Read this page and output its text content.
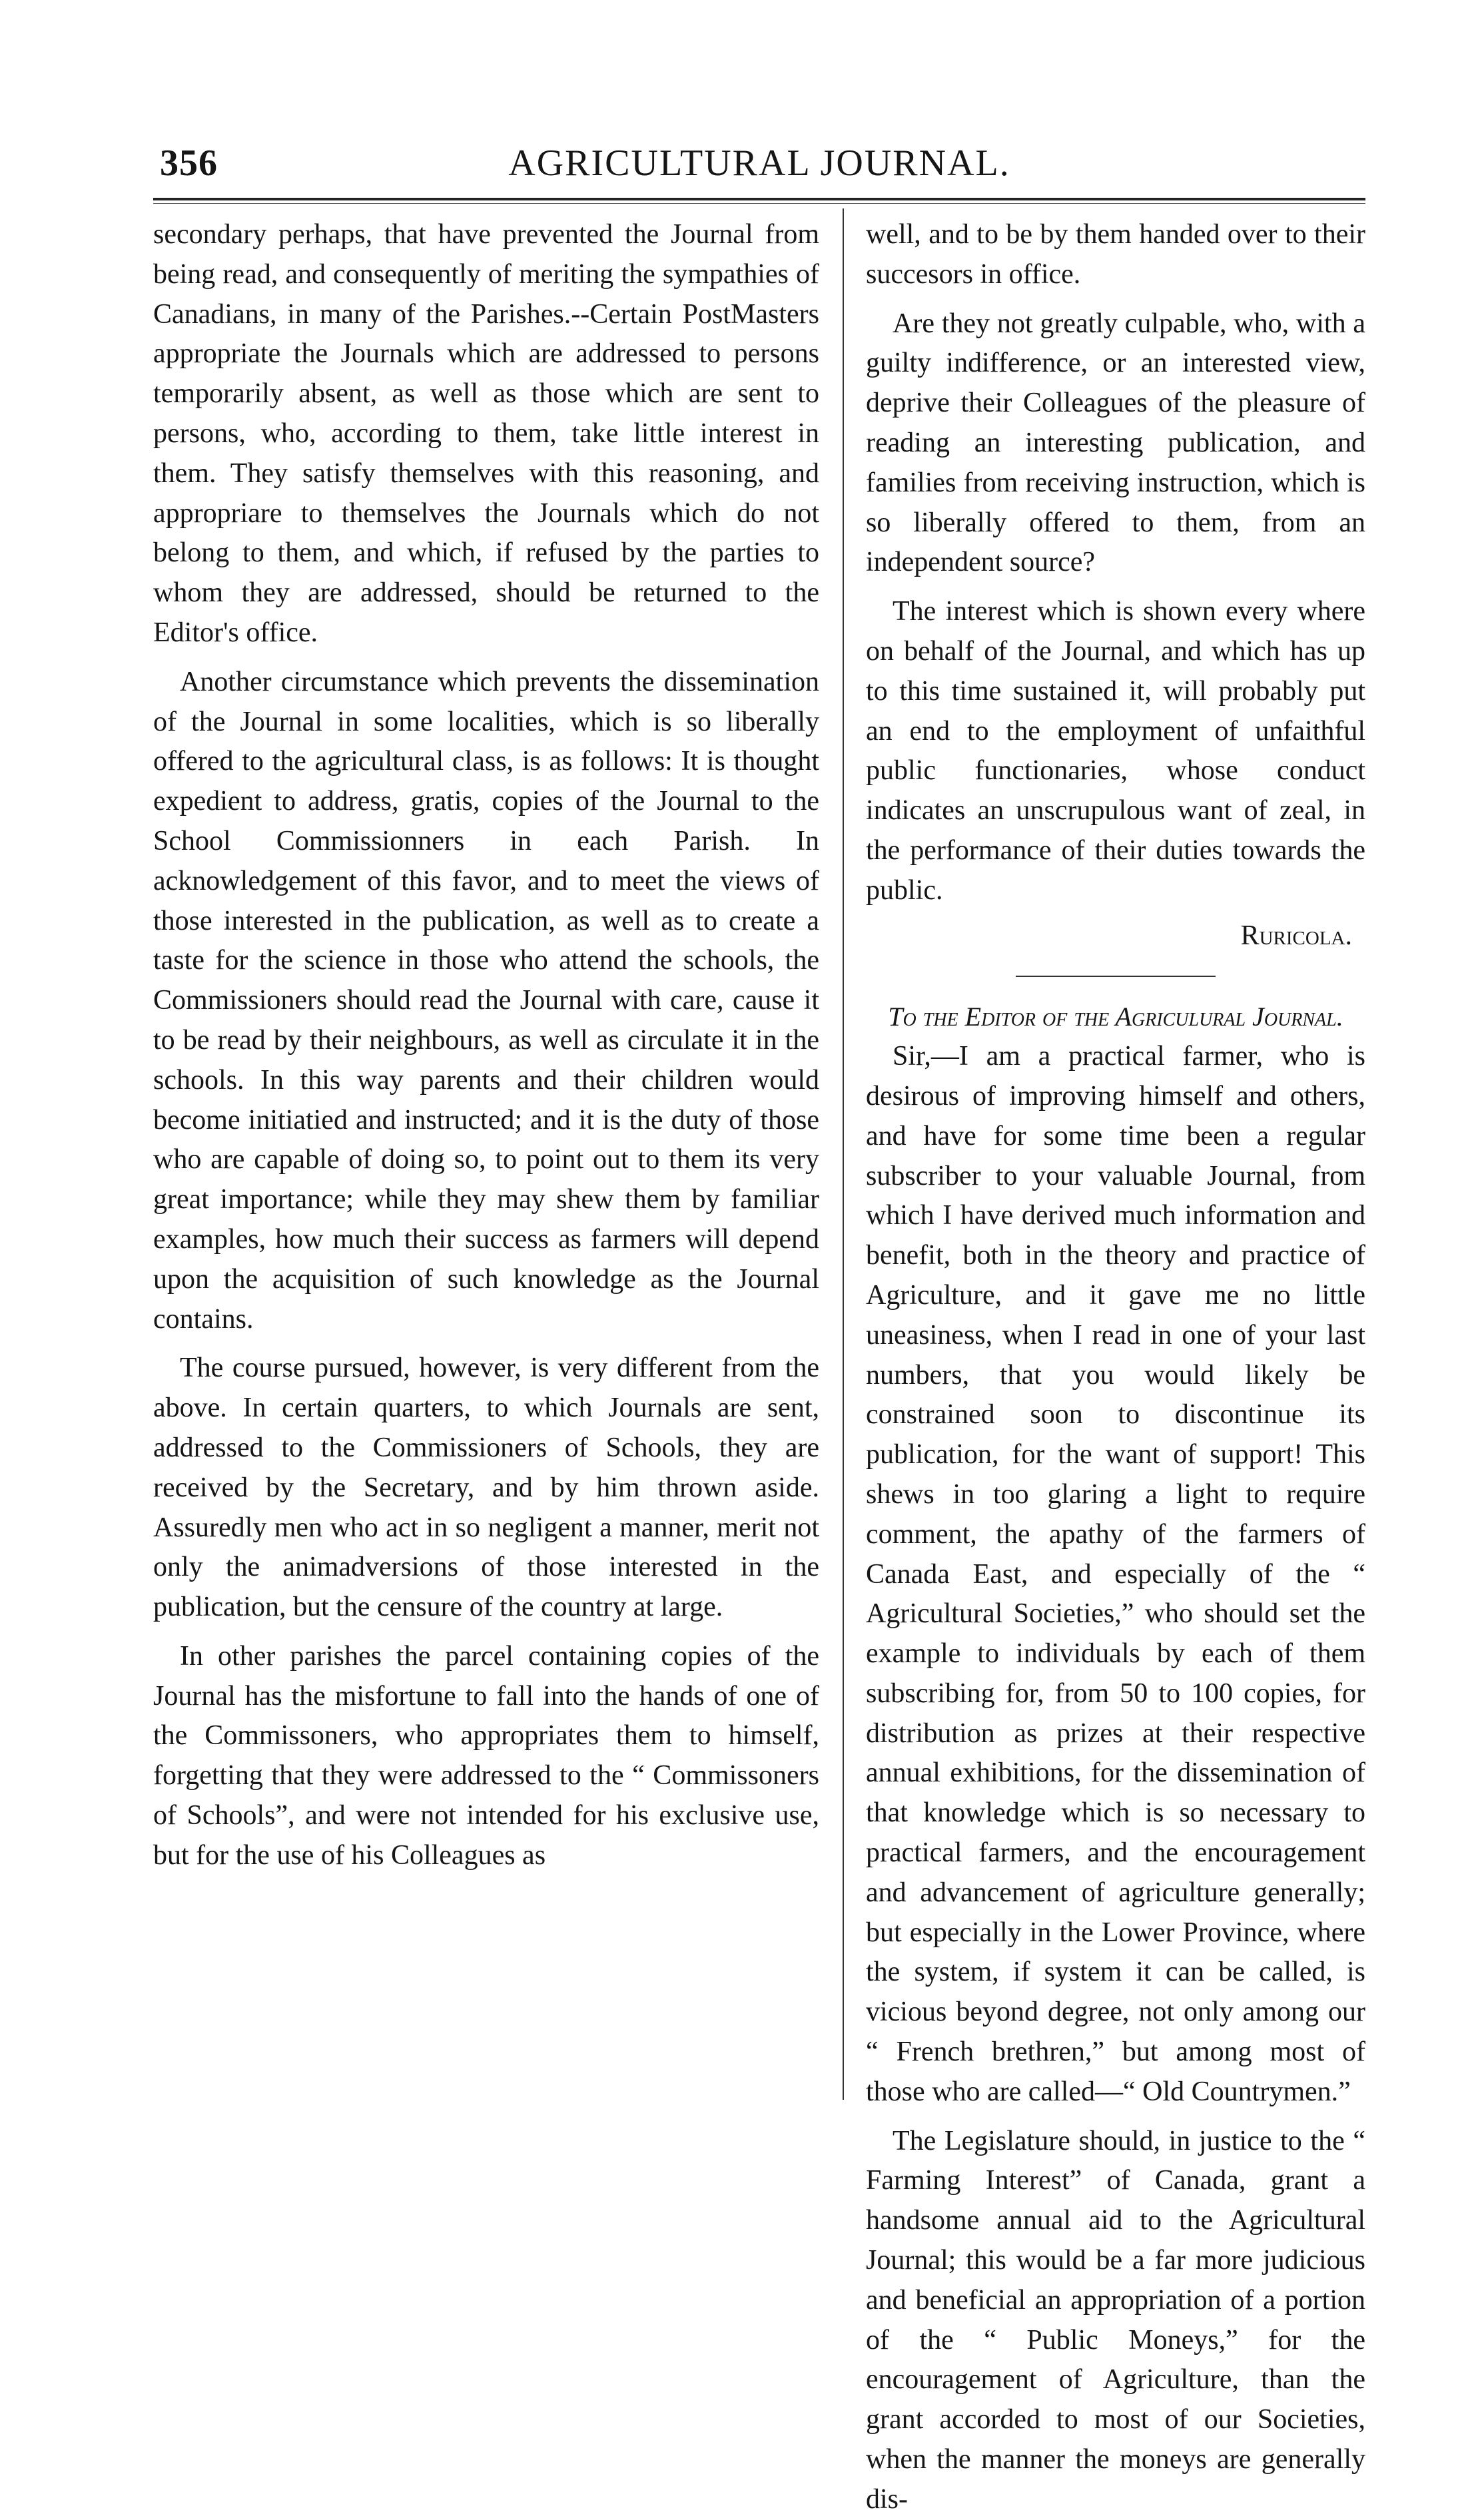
356	AGRICULTURAL JOURNAL.

secondary perhaps, that have prevented the Journal from being read, and consequently of meriting the sympathies of Canadians, in many of the Parishes.--Certain PostMasters appropriate the Journals which are addressed to persons temporarily absent, as well as those which are sent to persons, who, according to them, take little interest in them. They satisfy themselves with this reasoning, and appropriare to themselves the Journals which do not belong to them, and which, if refused by the parties to whom they are addressed, should be returned to the Editor's office.

Another circumstance which prevents the dissemination of the Journal in some localities, which is so liberally offered to the agricultural class, is as follows: It is thought expedient to address, gratis, copies of the Journal to the School Commissionners in each Parish. In acknowledgement of this favor, and to meet the views of those interested in the publication, as well as to create a taste for the science in those who attend the schools, the Commissioners should read the Journal with care, cause it to be read by their neighbours, as well as circulate it in the schools. In this way parents and their children would become initiatied and instructed; and it is the duty of those who are capable of doing so, to point out to them its very great importance; while they may shew them by familiar examples, how much their success as farmers will depend upon the acquisition of such knowledge as the Journal contains.

The course pursued, however, is very different from the above. In certain quarters, to which Journals are sent, addressed to the Commissioners of Schools, they are received by the Secretary, and by him thrown aside. Assuredly men who act in so negligent a manner, merit not only the animadversions of those interested in the publication, but the censure of the country at large.

In other parishes the parcel containing copies of the Journal has the misfortune to fall into the hands of one of the Commissoners, who appropriates them to himself, forgetting that they were addressed to the “ Commissoners of Schools”, and were not intended for his exclusive use, but for the use of his Colleagues as

well, and to be by them handed over to their succesors in office.

Are they not greatly culpable, who, with a guilty indifference, or an interested view, deprive their Colleagues of the pleasure of reading an interesting publication, and families from receiving instruction, which is so liberally offered to them, from an independent source?

The interest which is shown every where on behalf of the Journal, and which has up to this time sustained it, will probably put an end to the employment of unfaithful public functionaries, whose conduct indicates an unscrupulous want of zeal, in the performance of their duties towards the public.

Ruricola.

To the Editor of the Agriculural Journal.

Sir,—I am a practical farmer, who is desirous of improving himself and others, and have for some time been a regular subscriber to your valuable Journal, from which I have derived much information and benefit, both in the theory and practice of Agriculture, and it gave me no little uneasiness, when I read in one of your last numbers, that you would likely be constrained soon to discontinue its publication, for the want of support! This shews in too glaring a light to require comment, the apathy of the farmers of Canada East, and especially of the “ Agricultural Societies,” who should set the example to individuals by each of them subscribing for, from 50 to 100 copies, for distribution as prizes at their respective annual exhibitions, for the dissemination of that knowledge which is so necessary to practical farmers, and the encouragement and advancement of agriculture generally; but especially in the Lower Province, where the system, if system it can be called, is vicious beyond degree, not only among our “ French brethren,” but among most of those who are called—“ Old Countrymen.”

The Legislature should, in justice to the “ Farming Interest” of Canada, grant a handsome annual aid to the Agricultural Journal; this would be a far more judicious and beneficial an appropriation of a portion of the “ Public Moneys,” for the encouragement of Agriculture, than the grant accorded to most of our Societies, when the manner the moneys are generally dis-
